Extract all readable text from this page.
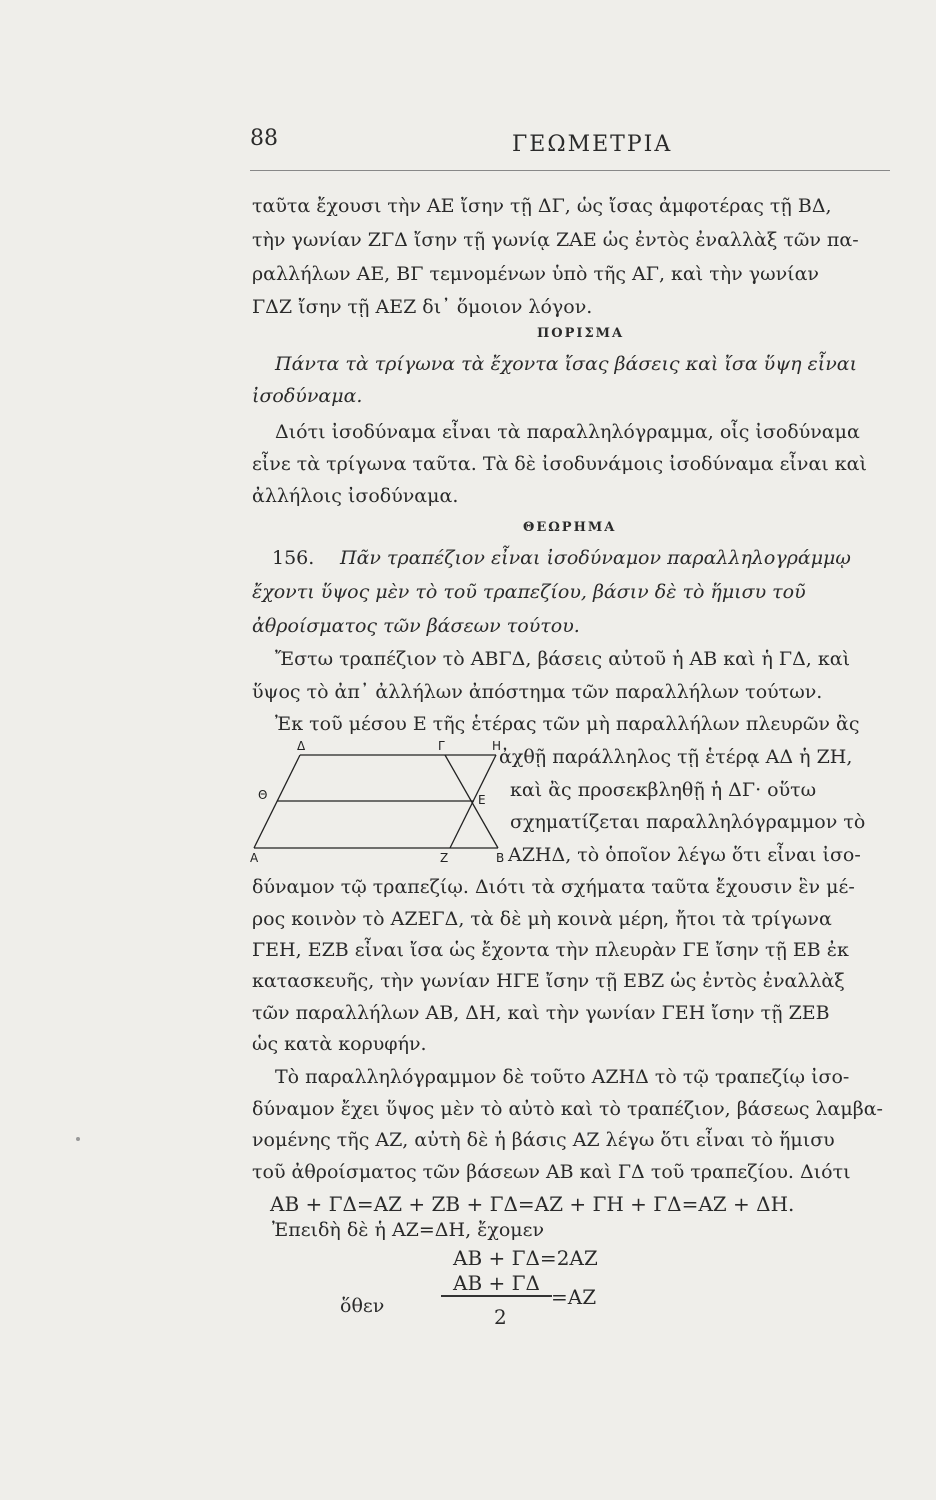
88	ΓΕΩΜΕΤΡΙΑ
ταῦτα ἔχουσι τὴν ΑΕ ἴσην τῇ ΔΓ, ὡς ἴσας ἀμφοτέρας τῇ ΒΔ,
τὴν γωνίαν ΖΓΔ ἴσην τῇ γωνίᾳ ΖΑΕ ὡς ἐντὸς ἐναλλὰξ τῶν πα-
ραλλήλων ΑΕ, ΒΓ τεμνομένων ὑπὸ τῆς ΑΓ, καὶ τὴν γωνίαν
ΓΔΖ ἴσην τῇ ΑΕΖ δι᾽ ὅμοιον λόγον.
ΠΟΡΙΣΜΑ
Πάντα τὰ τρίγωνα τὰ ἔχοντα ἴσας βάσεις καὶ ἴσα ὕψη εἶναι
ἰσοδύναμα.
Διότι ἰσοδύναμα εἶναι τὰ παραλληλόγραμμα, οἷς ἰσοδύναμα
εἶνε τὰ τρίγωνα ταῦτα. Τὰ δὲ ἰσοδυνάμοις ἰσοδύναμα εἶναι καὶ
ἀλλήλοις ἰσοδύναμα.
ΘΕΩΡΗΜΑ
156. Πᾶν τραπέζιον εἶναι ἰσοδύναμον παραλληλογράμμῳ
ἔχοντι ὕψος μὲν τὸ τοῦ τραπεζίου, βάσιν δὲ τὸ ἥμισυ τοῦ
ἀθροίσματος τῶν βάσεων τούτου.
Ἔστω τραπέζιον τὸ ΑΒΓΔ, βάσεις αὐτοῦ ἡ ΑΒ καὶ ἡ ΓΔ, καὶ
ὕψος τὸ ἀπ᾽ ἀλλήλων ἀπόστημα τῶν παραλλήλων τούτων.
Ἐκ τοῦ μέσου Ε τῆς ἑτέρας τῶν μὴ παραλλήλων πλευρῶν ἂς
Δ	Γ	Η
Θ	Ε
Α	Ζ	Β
ἀχθῇ παράλληλος τῇ ἑτέρᾳ ΑΔ ἡ ΖΗ,
καὶ ἂς προσεκβληθῇ ἡ ΔΓ· οὕτω
σχηματίζεται παραλληλόγραμμον τὸ
ΑΖΗΔ, τὸ ὁποῖον λέγω ὅτι εἶναι ἰσο-
δύναμον τῷ τραπεζίῳ. Διότι τὰ σχήματα ταῦτα ἔχουσιν ἓν μέ-
ρος κοινὸν τὸ ΑΖΕΓΔ, τὰ δὲ μὴ κοινὰ μέρη, ἤτοι τὰ τρίγωνα
ΓΕΗ, ΕΖΒ εἶναι ἴσα ὡς ἔχοντα τὴν πλευρὰν ΓΕ ἴσην τῇ ΕΒ ἐκ
κατασκευῆς, τὴν γωνίαν ΗΓΕ ἴσην τῇ ΕΒΖ ὡς ἐντὸς ἐναλλὰξ
τῶν παραλλήλων ΑΒ, ΔΗ, καὶ τὴν γωνίαν ΓΕΗ ἴσην τῇ ΖΕΒ
ὡς κατὰ κορυφήν.
Τὸ παραλληλόγραμμον δὲ τοῦτο ΑΖΗΔ τὸ τῷ τραπεζίῳ ἰσο-
δύναμον ἔχει ὕψος μὲν τὸ αὐτὸ καὶ τὸ τραπέζιον, βάσεως λαμβα-
νομένης τῆς ΑΖ, αὐτὴ δὲ ἡ βάσις ΑΖ λέγω ὅτι εἶναι τὸ ἥμισυ
τοῦ ἀθροίσματος τῶν βάσεων ΑΒ καὶ ΓΔ τοῦ τραπεζίου. Διότι
ΑΒ + ΓΔ=ΑΖ + ΖΒ + ΓΔ=ΑΖ + ΓΗ + ΓΔ=ΑΖ + ΔΗ.
Ἐπειδὴ δὲ ἡ ΑΖ=ΔΗ, ἔχομεν
ΑΒ + ΓΔ=2ΑΖ
ΑΒ + ΓΔ
ὅθεν	=ΑΖ
2
